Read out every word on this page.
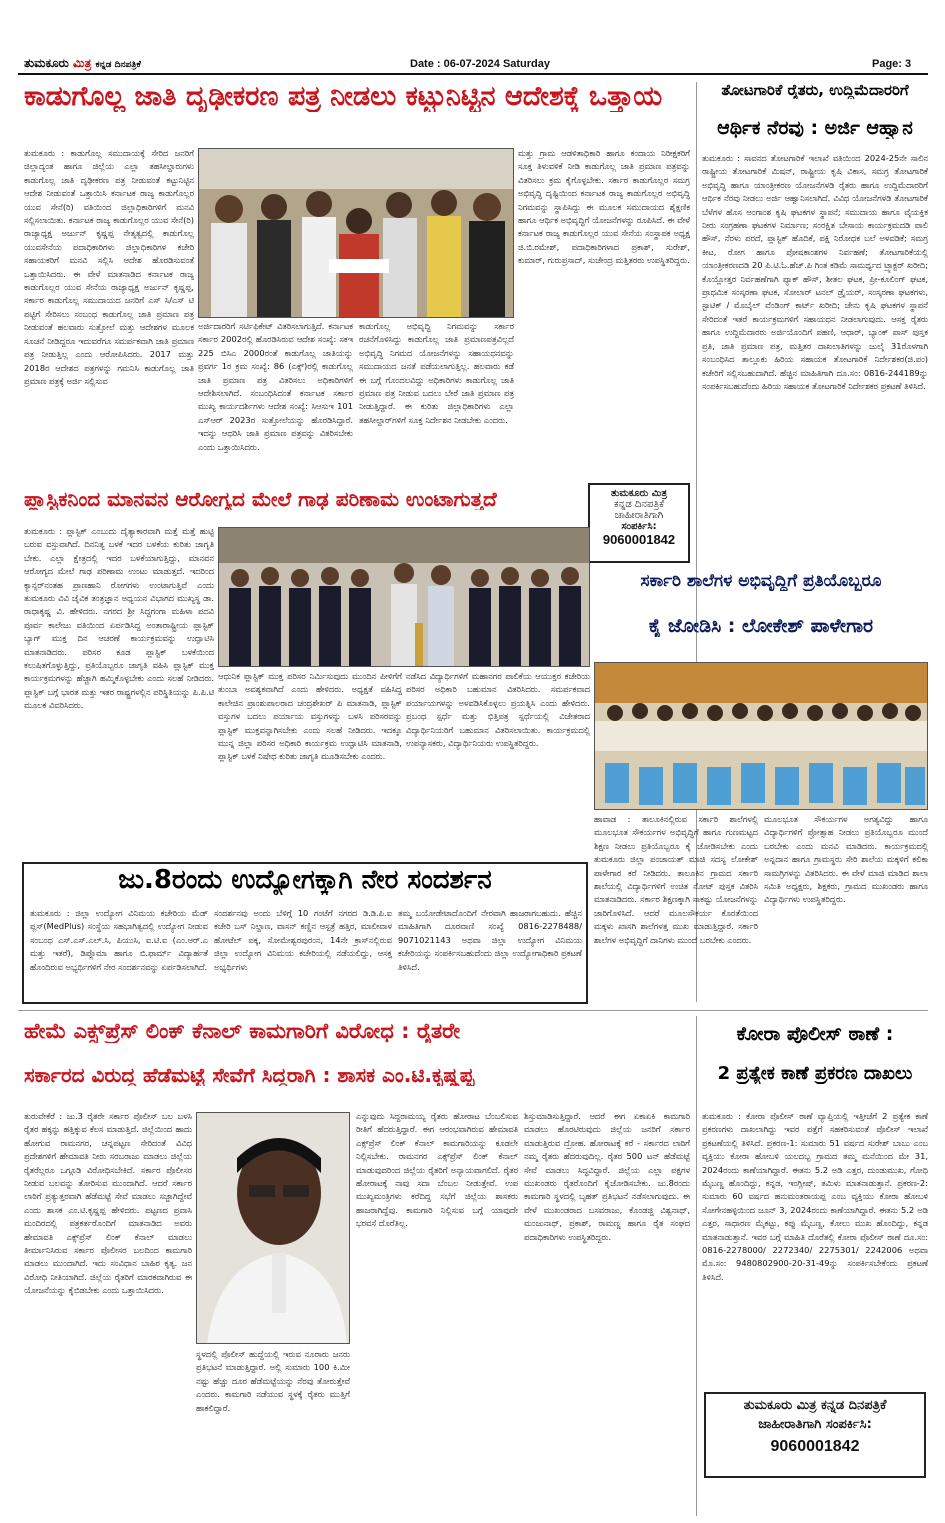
ತುಮಕೂರು ಮಿತ್ರ ಕನ್ನಡ ದಿನಪತ್ರಿಕೆ	Date : 06-07-2024 Saturday	Page: 3
ಕಾಡುಗೊಲ್ಲ ಜಾತಿ ದೃಢೀಕರಣ ಪತ್ರ ನೀಡಲು ಕಟ್ಟುನಿಟ್ಟಿನ ಆದೇಶಕ್ಕೆ ಒತ್ತಾಯ
ತುಮಕೂರು : ಕಾಡುಗೊಲ್ಲ ಸಮುದಾಯಕ್ಕೆ ಸೇರಿದ ಜನರಿಗೆ ಜಿಲ್ಲಾದ್ಯಂತ ಹಾಗೂ ಜಿಲ್ಲೆಯ ಎಲ್ಲಾ ತಹಸೀಲ್ದಾರುಗಳು ಕಾಡುಗೊಲ್ಲ ಜಾತಿ ದೃಢೀಕರಣ ಪತ್ರ ನೀಡುವಂತೆ ಕಟ್ಟುನಿಟ್ಟಿನ ಆದೇಶ ನೀಡುವಂತೆ ಒತ್ತಾಯಿಸಿ ಕರ್ನಾಟಕ ರಾಜ್ಯ ಕಾಡುಗೊಲ್ಲರ ಯುವ ಸೇನೆ(ರಿ) ವತಿಯಿಂದ ಜಿಲ್ಲಾಧಿಕಾರಿಗಳಿಗೆ ಮನವಿ ಸಲ್ಲಿಸಲಾಯಿತು. ಕರ್ನಾಟಕ ರಾಜ್ಯ ಕಾಡುಗೊಲ್ಲರ ಯುವ ಸೇನೆ(ರಿ) ರಾಜ್ಯಾಧ್ಯಕ್ಷ ಅರ್ಜುನ್ ಕೃಷ್ಣಪ್ಪ ನೇತೃತ್ವದಲ್ಲಿ ಕಾಡುಗೊಲ್ಲ ಯುವಸೇನೆಯ ಪದಾಧಿಕಾರಿಗಳು ಜಿಲ್ಲಾಧಿಕಾರಿಗಳ ಕಚೇರಿ ಸಹಾಯಕರಿಗೆ ಮನವಿ ಸಲ್ಲಿಸಿ ಆದೇಶ ಹೊರಡಿಸುವಂತೆ ಒತ್ತಾಯಿಸಿದರು. ಈ ವೇಳೆ ಮಾತನಾಡಿದ ಕರ್ನಾಟಕ ರಾಜ್ಯ ಕಾಡುಗೊಲ್ಲರ ಯುವ ಸೇನೆಯ ರಾಜ್ಯಾಧ್ಯಕ್ಷ ಅರ್ಜುನ್ ಕೃಷ್ಣಪ್ಪ, ಸರ್ಕಾರ ಕಾಡುಗೊಲ್ಲ ಸಮುದಾಯದ ಜನರಿಗೆ ಎಸ್ ಸಿ/ಎಸ್ ಟಿ ಪಟ್ಟಿಗೆ ಸೇರಿಸಲು ಸಂಬಂಧ ಕಾಡುಗೊಲ್ಲ ಜಾತಿ ಪ್ರಮಾಣ ಪತ್ರ ನೀಡುವಂತೆ ಹಲವಾರು ಸುತ್ತೋಲೆ ಮತ್ತು ಆದೇಶಗಳ ಮೂಲಕ ಸೂಚನೆ ನೀಡಿದ್ದರೂ ಇದುವರೆಗೂ ಸಮರ್ಪಕವಾಗಿ ಜಾತಿ ಪ್ರಮಾಣ ಪತ್ರ ನೀಡುತ್ತಿಲ್ಲ ಎಂದು ಆರೋಪಿಸಿದರು. 2017 ಮತ್ತು 2018ರ ಆದೇಶದ ಪತ್ರಗಳನ್ನು ಗಮನಿಸಿ ಕಾಡುಗೊಲ್ಲ ಜಾತಿ ಪ್ರಮಾಣ ಪತ್ರಕ್ಕೆ ಅರ್ಜಿ ಸಲ್ಲಿಸುವ
ಅರ್ಜಿದಾರರಿಗೆ ಸರ್ಟಿಫಿಕೇಟ್ ವಿತರಿಸಲಾಗುತ್ತಿದೆ. ಕರ್ನಾಟಕ ಸರ್ಕಾರ 2002ರಲ್ಲಿ ಹೊರಡಿಸಿರುವ ಆದೇಶ ಸಂಖ್ಯೆ: ಸಕಇ 225 ಬಿಸಿಎ 2000ರಂತೆ ಕಾಡುಗೊಲ್ಲ ಜಾತಿಯನ್ನು ಪ್ರವರ್ಗ 1ರ ಕ್ರಮ ಸಂಖ್ಯೆ: 86 (ಎಕ್ಸ್)ರಲ್ಲಿ ಕಾಡುಗೊಲ್ಲ ಜಾತಿ ಪ್ರಮಾಣ ಪತ್ರ ವಿತರಿಸಲು ಅಧಿಕಾರಿಗಳಿಗೆ ಆದೇಶಿಸಲಾಗಿದೆ. ಸಂಬಂಧಿಸಿದಂತೆ ಕರ್ನಾಟಕ ಸರ್ಕಾರ ಮುಖ್ಯ ಕಾರ್ಯದರ್ಶಿಗಳು ಆದೇಶ ಸಂಖ್ಯೆ: ಸಿಆಸುಇ 101 ಎಸ್ಆರ್ 2023ರ ಸುತ್ತೋಲೆಯನ್ನು ಹೊರಡಿಸಿದ್ದಾರೆ. ಇದನ್ನು ಆಧರಿಸಿ ಜಾತಿ ಪ್ರಮಾಣ ಪತ್ರವನ್ನು ವಿತರಿಸಬೇಕು ಎಂದು ಒತ್ತಾಯಿಸಿದರು.
ಕಾಡುಗೊಲ್ಲ ಅಭಿವೃದ್ಧಿ ನಿಗಮವನ್ನು ಸರ್ಕಾರ ರಚನೆಗೊಳಿಸಿದ್ದು ಕಾಡುಗೊಲ್ಲ ಜಾತಿ ಪ್ರಮಾಣಪತ್ರವಿಲ್ಲದೆ ಅಭಿವೃದ್ಧಿ ನಿಗಮದ ಯೋಜನೆಗಳನ್ನು ಸಹಾಯಧನವನ್ನು ಸಮುದಾಯದ ಜನತೆ ಪಡೆಯಲಾಗುತ್ತಿಲ್ಲ. ಹಲವಾರು ಕಡೆ ಈ ಬಗ್ಗೆ ಗೊಂದಲವಿದ್ದು ಅಧಿಕಾರಿಗಳು ಕಾಡುಗೊಲ್ಲ ಜಾತಿ ಪ್ರಮಾಣ ಪತ್ರ ನೀಡುವ ಬದಲು ಬೇರೆ ಜಾತಿ ಪ್ರಮಾಣ ಪತ್ರ ನೀಡುತ್ತಿದ್ದಾರೆ. ಈ ಕುರಿತು ಜಿಲ್ಲಾಧಿಕಾರಿಗಳು ಎಲ್ಲಾ ತಹಸೀಲ್ದಾರ್‌ಗಳಿಗೆ ಸೂಕ್ತ ನಿರ್ದೇಶನ ನೀಡಬೇಕು ಎಂದರು.
ಮತ್ತು ಗ್ರಾಮ ಆಡಳಿತಾಧಿಕಾರಿ ಹಾಗೂ ಕಂದಾಯ ನಿರೀಕ್ಷಕರಿಗೆ ಸೂಕ್ತ ತಿಳುವಳಿಕೆ ನೀಡಿ ಕಾಡುಗೊಲ್ಲ ಜಾತಿ ಪ್ರಮಾಣ ಪತ್ರವನ್ನು ವಿತರಿಸಲು ಕ್ರಮ ಕೈಗೊಳ್ಳಬೇಕು. ಸರ್ಕಾರ ಕಾಡುಗೊಲ್ಲರ ಸಮಗ್ರ ಅಭಿವೃದ್ಧಿ ದೃಷ್ಟಿಯಿಂದ ಕರ್ನಾಟಕ ರಾಜ್ಯ ಕಾಡುಗೊಲ್ಲರ ಅಭಿವೃದ್ಧಿ ನಿಗಮವನ್ನು ಸ್ಥಾಪಿಸಿದ್ದು ಈ ಮೂಲಕ ಸಮುದಾಯದ ಶೈಕ್ಷಣಿಕ ಹಾಗೂ ಆರ್ಥಿಕ ಅಭಿವೃದ್ಧಿಗೆ ಯೋಜನೆಗಳನ್ನು ರೂಪಿಸಿದೆ. ಈ ವೇಳೆ ಕರ್ನಾಟಕ ರಾಜ್ಯ ಕಾಡುಗೊಲ್ಲರ ಯುವ ಸೇನೆಯ ಸಂಸ್ಥಾಪಕ ಅಧ್ಯಕ್ಷ ಜಿ.ಬಿ.ರಮೇಶ್, ಪದಾಧಿಕಾರಿಗಳಾದ ಪ್ರಕಾಶ್, ಸುರೇಶ್, ಕುಮಾರ್, ಗುರುಪ್ರಸಾದ್, ಸುಚೇಂದ್ರ ಮತ್ತಿತರರು ಉಪಸ್ಥಿತರಿದ್ದರು.
ತೋಟಗಾರಿಕೆ ರೈತರು, ಉದ್ದಿಮೆದಾರರಿಗೆ
ಆರ್ಥಿಕ ನೆರವು : ಅರ್ಜಿ ಆಹ್ವಾನ
ತುಮಕೂರು : ಸಾವನದ ತೋಟಗಾರಿಕೆ ಇಲಾಖೆ ವತಿಯಿಂದ 2024-25ನೇ ಸಾಲಿನ ರಾಷ್ಟ್ರೀಯ ತೋಟಗಾರಿಕೆ ಮಿಷನ್, ರಾಷ್ಟ್ರೀಯ ಕೃಷಿ ವಿಕಾಸ, ಸಮಗ್ರ ತೋಟಗಾರಿಕೆ ಅಭಿವೃದ್ಧಿ ಹಾಗೂ ಯಾಂತ್ರೀಕರಣ ಯೋಜನೆಗಳಡಿ ರೈತರು ಹಾಗೂ ಉದ್ದಿಮೆದಾರರಿಗೆ ಆರ್ಥಿಕ ನೆರವು ನೀಡಲು ಅರ್ಜಿ ಆಹ್ವಾನಿಸಲಾಗಿದೆ. ವಿವಿಧ ಯೋಜನೆಗಳಡಿ ತೋಟಗಾರಿಕೆ ಬೆಳೆಗಳ ಹೊಸ ಅಂಗಾಂಶ ಕೃಷಿ ಘಟಕಗಳ ಸ್ಥಾಪನೆ; ಸಮುದಾಯ ಹಾಗೂ ವೈಯಕ್ತಿಕ ನೀರು ಸಂಗ್ರಹಣಾ ಘಟಕಗಳ ನಿರ್ಮಾಣ; ಸಂರಕ್ಷಿತ ಬೇಸಾಯ ಕಾರ್ಯಕ್ರಮದಡಿ ಪಾಲಿ ಹೌಸ್, ನೆರಳು ಪರದೆ, ಪ್ಲಾಸ್ಟಿಕ್ ಹೊದಿಕೆ, ಪಕ್ಷಿ ನಿರೋಧಕ ಬಲೆ ಅಳವಡಿಕೆ; ಸಮಗ್ರ ಕೀಟ, ರೋಗ ಹಾಗೂ ಪೋಷಕಾಂಶಗಳ ನಿರ್ವಹಣೆ; ತೋಟಗಾರಿಕೆಯಲ್ಲಿ ಯಾಂತ್ರೀಕರಣದಡಿ 20 ಪಿ.ಟಿ.ಓ.ಹೆಚ್.ಪಿ ಗಿಂತ ಕಡಿಮೆ ಸಾಮರ್ಥ್ಯದ ಟ್ರ್ಯಾಕ್ಟರ್ ಖರೀದಿ; ಕೊಯ್ಲೋತ್ತರ ನಿರ್ವಹಣೆಗಾಗಿ ಪ್ಯಾಕ್ ಹೌಸ್, ಶೀತಲ ಘಟಕ, ಪ್ರೀ-ಕೂಲಿಂಗ್ ಘಟಕ, ಪ್ರಾಥಮಿಕ ಸಂಸ್ಕರಣಾ ಘಟಕ, ಸೋಲಾರ್ ಟನಲ್ ಡ್ರೈಯರ್, ಸಂಸ್ಕರಣಾ ಘಟಕಗಳು, ಸ್ಟಾಟಿಕ್ / ಮೊಬೈಲ್ ವೆಂಡಿಂಗ್ ಕಾರ್ಟ್ ಖರೀದಿ; ಜೇನು ಕೃಷಿ ಘಟಕಗಳ ಸ್ಥಾಪನೆ ಸೇರಿದಂತೆ ಇತರೆ ಕಾರ್ಯಕ್ರಮಗಳಿಗೆ ಸಹಾಯಧನ ನೀಡಲಾಗುವುದು. ಆಸಕ್ತ ರೈತರು ಹಾಗೂ ಉದ್ದಿಮೆದಾರರು ಅರ್ಜಿಯೊಂದಿಗೆ ಪಹಣಿ, ಆಧಾರ್, ಬ್ಯಾಂಕ್ ಪಾಸ್ ಪುಸ್ತಕ ಪ್ರತಿ, ಜಾತಿ ಪ್ರಮಾಣ ಪತ್ರ, ಮತ್ತಿತರ ದಾಖಲಾತಿಗಳನ್ನು ಜುಲೈ 31ರೊಳಗಾಗಿ ಸಂಬಂಧಿಸಿದ ತಾಲ್ಲೂಕು ಹಿರಿಯ ಸಹಾಯಕ ತೋಟಗಾರಿಕೆ ನಿರ್ದೇಶಕರ(ಜಿ.ಪಂ) ಕಚೇರಿಗೆ ಸಲ್ಲಿಸಬಹುದಾಗಿದೆ. ಹೆಚ್ಚಿನ ಮಾಹಿತಿಗಾಗಿ ದೂ.ಸಂ: 0816-244189ನ್ನು ಸಂಪರ್ಕಿಸಬಹುದೆಂದು ಹಿರಿಯ ಸಹಾಯಕ ತೋಟಗಾರಿಕೆ ನಿರ್ದೇಶಕರ ಪ್ರಕಟಣೆ ತಿಳಿಸಿದೆ.
ತುಮಕೂರು ಮಿತ್ರ
ಕನ್ನಡ ದಿನಪತ್ರಿಕೆ
ಜಾಹೀರಾತಿಗಾಗಿ
ಸಂಪರ್ಕಿಸಿ:
9060001842
ಪ್ಲಾಸ್ಟಿಕನಿಂದ ಮಾನವನ ಆರೋಗ್ಯದ ಮೇಲೆ ಗಾಢ ಪರಿಣಾಮ ಉಂಟಾಗುತ್ತದೆ
ತುಮಕೂರು : ಪ್ಲಾಸ್ಟಿಕ್ ಎಂಬುದು ದೈತ್ಯಾಕಾರವಾಗಿ ಮತ್ತೆ ಮತ್ತೆ ಹುಟ್ಟಿ ಬರುವ ವಸ್ತುವಾಗಿದೆ. ದಿನನಿತ್ಯ ಬಳಕೆ ಇದರ ಬಳಕೆಯ ಕುರಿತು ಜಾಗೃತಿ ಬೇಕು. ಎಲ್ಲಾ ಕ್ಷೇತ್ರದಲ್ಲಿ ಇದರ ಬಳಕೆಯಾಗುತ್ತಿದ್ದು, ಮಾನವನ ಆರೋಗ್ಯದ ಮೇಲೆ ಗಾಢ ಪರಿಣಾಮ ಉಂಟು ಮಾಡುತ್ತದೆ. ಇದರಿಂದ ಕ್ಯಾನ್ಸರ್‌ನಂತಹ ಪ್ರಾಣಹಾನಿ ರೋಗಗಳು ಉಂಟಾಗುತ್ತಿವೆ ಎಂದು ತುಮಕೂರು ವಿವಿ ಜೈವಿಕ ತಂತ್ರಜ್ಞಾನ ಅಧ್ಯಯನ ವಿಭಾಗದ ಮುಖ್ಯಸ್ಥ ಡಾ. ರಾಧಾಕೃಷ್ಣ ವಿ. ಹೇಳಿದರು. ನಗರದ ಶ್ರೀ ಸಿದ್ಧಗಂಗಾ ಮಹಿಳಾ ಪದವಿ ಪೂರ್ವ ಕಾಲೇಜು ವತಿಯಿಂದ ಏರ್ಪಡಿಸಿದ್ದ ಅಂತಾರಾಷ್ಟ್ರೀಯ ಪ್ಲಾಸ್ಟಿಕ್ ಬ್ಯಾಗ್ ಮುಕ್ತ ದಿನ ಆಚರಣೆ ಕಾರ್ಯಕ್ರಮವನ್ನು ಉದ್ಘಾಟಿಸಿ ಮಾತನಾಡಿದರು. ಪರಿಸರ ಕೂಡ ಪ್ಲಾಸ್ಟಿಕ್ ಬಳಕೆಯಿಂದ ಕಲುಷಿತಗೊಳ್ಳುತ್ತಿದ್ದು, ಪ್ರತಿಯೊಬ್ಬರೂ ಜಾಗೃತಿ ವಹಿಸಿ ಪ್ಲಾಸ್ಟಿಕ್ ಮುಕ್ತ ಕಾರ್ಯಕ್ರಮಗಳನ್ನು ಹೆಚ್ಚಾಗಿ ಹಮ್ಮಿಕೊಳ್ಳಬೇಕು ಎಂದು ಸಲಹೆ ನೀಡಿದರು. ಪ್ಲಾಸ್ಟಿಕ್ ಬಗ್ಗೆ ಭಾರತ ಮತ್ತು ಇತರ ರಾಷ್ಟ್ರಗಳಲ್ಲಿನ ಪರಿಸ್ಥಿತಿಯನ್ನು ಪಿ.ಪಿ.ಟಿ ಮೂಲಕ ವಿವರಿಸಿದರು.
ಆಧುನಿಕ ಪ್ಲಾಸ್ಟಿಕ್ ಮುಕ್ತ ಪರಿಸರ ನಿರ್ಮಿಸುವುದು ಮುಂದಿನ ಪೀಳಿಗೆಗೆ ತುಂಬಾ ಅವಶ್ಯಕವಾಗಿದೆ ಎಂದು ಹೇಳಿದರು. ಅಧ್ಯಕ್ಷತೆ ವಹಿಸಿದ್ದ ಕಾಲೇಜಿನ ಪ್ರಾಂಶುಪಾಲರಾದ ಚಂದ್ರಶೇಖರ್ ಪಿ ಮಾತನಾಡಿ, ಪ್ಲಾಸ್ಟಿಕ್ ವಸ್ತುಗಳ ಬದಲು ಪರ್ಯಾಯ ವಸ್ತುಗಳನ್ನು ಬಳಸಿ ಪರಿಸರವನ್ನು ಪ್ಲಾಸ್ಟಿಕ್ ಮುಕ್ತವನ್ನಾಗಿಸಬೇಕು ಎಂದು ಸಲಹೆ ನೀಡಿದರು. ಇದಕ್ಕೂ ಮುನ್ನ ಜಿಲ್ಲಾ ಪರಿಸರ ಅಧಿಕಾರಿ ಕಾರ್ಯಕ್ರಮ ಉದ್ಘಾಟಿಸಿ ಮಾತನಾಡಿ, ಪ್ಲಾಸ್ಟಿಕ್ ಬಳಕೆ ನಿಷೇಧ ಕುರಿತು ಜಾಗೃತಿ ಮೂಡಿಸಬೇಕು ಎಂದರು.
ನಡೆಸಿದ ವಿದ್ಯಾರ್ಥಿಗಳಿಗೆ ಮಹಾನಗರ ಪಾಲಿಕೆಯ ಆಯುಕ್ತರ ಕಚೇರಿಯ ಪರಿಸರ ಅಧಿಕಾರಿ ಬಹುಮಾನ ವಿತರಿಸಿದರು. ಸಮರ್ಪಕವಾದ ಪರ್ಯಾಯಗಳನ್ನು ಅಳವಡಿಸಿಕೊಳ್ಳಲು ಪ್ರಯತ್ನಿಸಿ ಎಂದು ಹೇಳಿದರು. ಪ್ರಬಂಧ ಸ್ಪರ್ಧೆ ಮತ್ತು ಭಿತ್ತಿಪತ್ರ ಸ್ಪರ್ಧೆಯಲ್ಲಿ ವಿಜೇತರಾದ ವಿದ್ಯಾರ್ಥಿನಿಯರಿಗೆ ಬಹುಮಾನ ವಿತರಿಸಲಾಯಿತು. ಕಾರ್ಯಕ್ರಮದಲ್ಲಿ ಉಪನ್ಯಾಸಕರು, ವಿದ್ಯಾರ್ಥಿನಿಯರು ಉಪಸ್ಥಿತರಿದ್ದರು.
ಸರ್ಕಾರಿ ಶಾಲೆಗಳ ಅಭಿವೃದ್ಧಿಗೆ ಪ್ರತಿಯೊಬ್ಬರೂ
ಕೈ ಜೋಡಿಸಿ : ಲೋಕೇಶ್ ಪಾಳೇಗಾರ
ಹಾವಾಡ : ತಾಲೂಕಿನಲ್ಲಿರುವ ಸರ್ಕಾರಿ ಶಾಲೆಗಳಲ್ಲಿ ಮೂಲಭೂತ ಸೌಕರ್ಯಗಳ ಅಭಿವೃದ್ಧಿಗೆ ಹಾಗೂ ಗುಣಮಟ್ಟದ ಶಿಕ್ಷಣ ನೀಡಲು ಪ್ರತಿಯೊಬ್ಬರೂ ಕೈ ಜೋಡಿಸಬೇಕು ಎಂದು ತುಮಕೂರು ಜಿಲ್ಲಾ ಪಂಚಾಯತ್ ಮಾಜಿ ಸದಸ್ಯ ಲೋಕೇಶ್ ಪಾಳೇಗಾರ ಕರೆ ನೀಡಿದರು. ತಾಲೂಕಿನ ಗ್ರಾಮದ ಸರ್ಕಾರಿ ಶಾಲೆಯಲ್ಲಿ ವಿದ್ಯಾರ್ಥಿಗಳಿಗೆ ಉಚಿತ ನೋಟ್ ಪುಸ್ತಕ ವಿತರಿಸಿ ಮಾತನಾಡಿದರು. ಸರ್ಕಾರ ಶಿಕ್ಷಣಕ್ಕಾಗಿ ಸಾಕಷ್ಟು ಯೋಜನೆಗಳನ್ನು ಜಾರಿಗೊಳಿಸಿದೆ. ಆದರೆ ಮೂಲಸೌಕರ್ಯ ಕೊರತೆಯಿಂದ ಮಕ್ಕಳು ಖಾಸಗಿ ಶಾಲೆಗಳತ್ತ ಮುಖ ಮಾಡುತ್ತಿದ್ದಾರೆ. ಸರ್ಕಾರಿ ಶಾಲೆಗಳ ಅಭಿವೃದ್ಧಿಗೆ ದಾನಿಗಳು ಮುಂದೆ ಬರಬೇಕು ಎಂದರು.
ಮೂಲಭೂತ ಸೌಕರ್ಯಗಳ ಅಗತ್ಯವಿದ್ದು ಹಾಗೂ ವಿದ್ಯಾರ್ಥಿಗಳಿಗೆ ಪ್ರೋತ್ಸಾಹ ನೀಡಲು ಪ್ರತಿಯೊಬ್ಬರೂ ಮುಂದೆ ಬರಬೇಕು ಎಂದು ಮನವಿ ಮಾಡಿದರು. ಕಾರ್ಯಕ್ರಮದಲ್ಲಿ ಅನ್ನದಾನ ಹಾಗೂ ಗ್ರಾಮಸ್ಥರು ಸೇರಿ ಶಾಲೆಯ ಮಕ್ಕಳಿಗೆ ಕಲಿಕಾ ಸಾಮಗ್ರಿಗಳನ್ನು ವಿತರಿಸಿದರು. ಈ ವೇಳೆ ಮಾಜಿ ಮಾಡಿದ ಶಾಲಾ ಸಮಿತಿ ಅಧ್ಯಕ್ಷರು, ಶಿಕ್ಷಕರು, ಗ್ರಾಮದ ಮುಖಂಡರು ಹಾಗೂ ವಿದ್ಯಾರ್ಥಿಗಳು ಉಪಸ್ಥಿತರಿದ್ದರು.
ಜು.8ರಂದು ಉದ್ಯೋಗಕ್ಕಾಗಿ ನೇರ ಸಂದರ್ಶನ
ತುಮಕೂರು : ಜಿಲ್ಲಾ ಉದ್ಯೋಗ ವಿನಿಮಯ ಕಚೇರಿಯ ಮೆಡ್ ಪ್ಲಸ್(MedPlus) ಸಂಸ್ಥೆಯ ಸಹಭಾಗಿತ್ವದಲ್ಲಿ ಉದ್ಯೋಗ ನೀಡುವ ಸಂಬಂಧ ಎಸ್.ಎಸ್.ಎಲ್.ಸಿ, ಪಿಯುಸಿ, ಐ.ಟಿ.ಐ (ಎಂ.ಆರ್.ಎ ಮತ್ತು ಇತರೆ), ಡಿಪ್ಲೊಮಾ ಹಾಗೂ ಬಿ.ಫಾರ್ಮ್ ವಿದ್ಯಾರ್ಹತೆ ಹೊಂದಿರುವ ಅಭ್ಯರ್ಥಿಗಳಿಗೆ ನೇರ ಸಂದರ್ಶನವನ್ನು ಏರ್ಪಡಿಸಲಾಗಿದೆ.
ಸಂದರ್ಶನವು ಅಂದು ಬೆಳಿಗ್ಗೆ 10 ಗಂಟೆಗೆ ನಗರದ ಡಿ.ಡಿ.ಪಿ.ಐ ಕಚೇರಿ ಬಸ್ ನಿಲ್ದಾಣ, ವಾಸನ್ ಕಣ್ಣಿನ ಆಸ್ಪತ್ರೆ ಹತ್ತಿರ, ಮಾಲೀವಾಳ ಹೋಟೆಲ್ ಪಕ್ಕ, ಸೋಮೇಶ್ವರಪುರಂನ, 14ನೇ ಕ್ರಾಸ್‌ನಲ್ಲಿರುವ ಜಿಲ್ಲಾ ಉದ್ಯೋಗ ವಿನಿಮಯ ಕಚೇರಿಯಲ್ಲಿ ನಡೆಯಲಿದ್ದು, ಆಸಕ್ತ ಅಭ್ಯರ್ಥಿಗಳು
ತಮ್ಮ ಬಯೋಡೇಟಾದೊಂದಿಗೆ ನೇರವಾಗಿ ಹಾಜರಾಗಬಹುದು. ಹೆಚ್ಚಿನ ಮಾಹಿತಿಗಾಗಿ ದೂರವಾಣಿ ಸಂಖ್ಯೆ 0816-2278488/ 9071021143 ಅಥವಾ ಜಿಲ್ಲಾ ಉದ್ಯೋಗ ವಿನಿಮಯ ಕಚೇರಿಯನ್ನು ಸಂಪರ್ಕಿಸಬಹುದೆಂದು ಜಿಲ್ಲಾ ಉದ್ಯೋಗಾಧಿಕಾರಿ ಪ್ರಕಟಣೆ ತಿಳಿಸಿದೆ.
ಹೇಮೆ ಎಕ್ಸ್‌ಪ್ರೆಸ್ ಲಿಂಕ್ ಕೆನಾಲ್ ಕಾಮಗಾರಿಗೆ ವಿರೋಧ : ರೈತರೇ
ಸರ್ಕಾರದ ವಿರುದ್ಧ ಹೆಡೆಮಟ್ಟೆ ಸೇವೆಗೆ ಸಿದ್ಧರಾಗಿ : ಶಾಸಕ ಎಂ.ಟಿ.ಕೃಷ್ಣಪ್ಪ
ತುರುವೇಕೆರೆ : ಜು.3 ರೈತರೇ ಸರ್ಕಾರ ಪೊಲೀಸ್ ಬಲ ಬಳಸಿ ರೈತರ ಹಕ್ಕನ್ನು ಹತ್ತಿಕ್ಕುವ ಕೆಲಸ ಮಾಡುತ್ತಿದೆ. ಜಿಲ್ಲೆಯಿಂದ ಹಾದು ಹೋಗುವ ರಾಮನಗರ, ಚನ್ನಪಟ್ಟಣ ಸೇರಿದಂತೆ ವಿವಿಧ ಪ್ರದೇಶಗಳಿಗೆ ಹೇಮಾವತಿ ನೀರು ಸರಬರಾಜು ಮಾಡಲು ಜಿಲ್ಲೆಯ ರೈತರೆಲ್ಲರೂ ಒಗ್ಗೂಡಿ ವಿರೋಧಿಸಬೇಕಿದೆ. ಸರ್ಕಾರ ಪೊಲೀಸರ ನೀಡುವ ಬಲವನ್ನು ತೋರಿಸುವ ಮುಂದಾಗಿದೆ. ಆದರೆ ಸರ್ಕಾರ ಲಾಠಿಗೆ ಪ್ರತ್ಯುತ್ತರವಾಗಿ ಹೆಡೆಮಟ್ಟೆ ಸೇವೆ ಮಾಡಲು ಸಜ್ಜಾಗಿದ್ದೇವೆ ಎಂದು ಶಾಸಕ ಎಂ.ಟಿ.ಕೃಷ್ಣಪ್ಪ ಹೇಳಿದರು. ಪಟ್ಟಣದ ಪ್ರವಾಸಿ ಮಂದಿರದಲ್ಲಿ ಪತ್ರಕರ್ತರೊಂದಿಗೆ ಮಾತನಾಡಿದ ಅವರು ಹೇಮಾವತಿ ಎಕ್ಸ್‌ಪ್ರೆಸ್ ಲಿಂಕ್ ಕೆನಾಲ್ ಮಾಡಲು ತೀರ್ಮಾನಿಸಿರುವ ಸರ್ಕಾರ ಪೊಲೀಸರ ಬಲದಿಂದ ಕಾಮಗಾರಿ ಮಾಡಲು ಮುಂದಾಗಿದೆ. ಇದು ಸಂವಿಧಾನ ಬಾಹಿರ ಕೃತ್ಯ. ಜನ ವಿರೋಧಿ ನೀತಿಯಾಗಿದೆ. ಜಿಲ್ಲೆಯ ರೈತರಿಗೆ ಮಾರಕವಾಗಿರುವ ಈ ಯೋಜನೆಯನ್ನು ಕೈಬಿಡಬೇಕು ಎಂದು ಒತ್ತಾಯಿಸಿದರು.
ಸ್ಥಳದಲ್ಲಿ ಪೊಲೀಸ್ ಹುದ್ದೆಯಲ್ಲಿ ಇರುವ ನೂರಾರು ಜನರು ಪ್ರತಿಭಟನೆ ಮಾಡುತ್ತಿದ್ದಾರೆ. ಅಲ್ಲಿ ಸುಮಾರು 100 ಕಿ.ಮೀ ನಷ್ಟು ಹೆಚ್ಚು ದೂರ ಹೆಡೆಮಟ್ಟೆಯನ್ನು ನೆರವು ತೋರುತ್ತೇವೆ ಎಂದರು. ಕಾಮಗಾರಿ ನಡೆಯುವ ಸ್ಥಳಕ್ಕೆ ರೈತರು ಮುತ್ತಿಗೆ ಹಾಕಲಿದ್ದಾರೆ.
ಎನ್ನುವುದು ಸಿದ್ದರಾಮಯ್ಯ ರೈತರು ಹೋರಾಟ ಬೆಂಬಲಿಸುವ ರೀತಿಗೆ ಹೆದರುತ್ತಿದ್ದಾರೆ. ಈಗ ಆರಂಭವಾಗಿರುವ ಹೇಮಾವತಿ ಎಕ್ಸ್‌ಪ್ರೆಸ್ ಲಿಂಕ್ ಕೆನಾಲ್ ಕಾಮಗಾರಿಯನ್ನು ಕೂಡಲೇ ನಿಲ್ಲಿಸಬೇಕು. ರಾಮನಗರ ಎಕ್ಸ್‌ಪ್ರೆಸ್ ಲಿಂಕ್ ಕೆನಾಲ್ ಮಾಡುವುದರಿಂದ ಜಿಲ್ಲೆಯ ರೈತರಿಗೆ ಅನ್ಯಾಯವಾಗಲಿದೆ. ರೈತರ ಹೋರಾಟಕ್ಕೆ ನಾವು ಸದಾ ಬೆಂಬಲ ನೀಡುತ್ತೇವೆ. ಉಪ ಮುಖ್ಯಮಂತ್ರಿಗಳು ಕರೆದಿದ್ದ ಸಭೆಗೆ ಜಿಲ್ಲೆಯ ಶಾಸಕರು ಹಾಜರಾಗಿದ್ದೆವು. ಕಾಮಗಾರಿ ನಿಲ್ಲಿಸುವ ಬಗ್ಗೆ ಯಾವುದೇ ಭರವಸೆ ದೊರೆತಿಲ್ಲ.
ಶಿಸ್ತುಮಾಡಿಸುತ್ತಿದ್ದಾರೆ. ಆದರೆ ಈಗ ಏಕಾಏಕಿ ಕಾಮಗಾರಿ ಮಾಡಲು ಹೊರಟಿರುವುದು ಜಿಲ್ಲೆಯ ಜನರಿಗೆ ಸರ್ಕಾರ ಮಾಡುತ್ತಿರುವ ದ್ರೋಹ. ಹೋರಾಟಕ್ಕೆ ಕರೆ - ಸರ್ಕಾರದ ಲಾಠಿಗೆ ನಮ್ಮ ರೈತರು ಹೆದರುವುದಿಲ್ಲ. ರೈತರ 500 ಟನ್ ಹೆಡೆಮಟ್ಟೆ ಸೇವೆ ಮಾಡಲು ಸಿದ್ಧವಿದ್ದಾರೆ. ಜಿಲ್ಲೆಯ ಎಲ್ಲಾ ಪಕ್ಷಗಳ ಮುಖಂಡರು ರೈತರೊಂದಿಗೆ ಕೈಜೋಡಿಸಬೇಕು. ಜು.8ರಂದು ಕಾಮಗಾರಿ ಸ್ಥಳದಲ್ಲಿ ಬೃಹತ್ ಪ್ರತಿಭಟನೆ ನಡೆಸಲಾಗುವುದು. ಈ ವೇಳೆ ಮುಖಂಡರಾದ ಬಸವರಾಜು, ಕೊಂಡಜ್ಜಿ ವಿಶ್ವನಾಥ್, ಮಂಜುನಾಥ್, ಪ್ರಕಾಶ್, ರಾಮಣ್ಣ ಹಾಗೂ ರೈತ ಸಂಘದ ಪದಾಧಿಕಾರಿಗಳು ಉಪಸ್ಥಿತರಿದ್ದರು.
ಕೋರಾ ಪೊಲೀಸ್ ಠಾಣೆ :
2 ಪ್ರತ್ಯೇಕ ಕಾಣೆ ಪ್ರಕರಣ ದಾಖಲು
ತುಮಕೂರು : ಕೋರಾ ಪೊಲೀಸ್ ಠಾಣೆ ವ್ಯಾಪ್ತಿಯಲ್ಲಿ ಇತ್ತೀಚೆಗೆ 2 ಪ್ರತ್ಯೇಕ ಕಾಣೆ ಪ್ರಕರಣಗಳು ದಾಖಲಾಗಿದ್ದು ಇವರ ಪತ್ತೆಗೆ ಸಹಕರಿಸುವಂತೆ ಪೊಲೀಸ್ ಇಲಾಖೆ ಪ್ರಕಟಣೆಯಲ್ಲಿ ತಿಳಿಸಿದೆ. ಪ್ರಕರಣ-1: ಸುಮಾರು 51 ವರ್ಷದ ಸುರೇಶ್ ಬಾಬು ಎಂಬ ವ್ಯಕ್ತಿಯು ಕೋರಾ ಹೋಬಳಿ ಯಲದಬ್ಬ ಗ್ರಾಮದ ತಮ್ಮ ಮನೆಯಿಂದ ಮೇ 31, 2024ರಂದು ಕಾಣೆಯಾಗಿದ್ದಾರೆ. ಈತನು 5.2 ಅಡಿ ಎತ್ತರ, ದುಂಡುಮುಖ, ಗೋಧಿ ಮೈಬಣ್ಣ ಹೊಂದಿದ್ದು, ಕನ್ನಡ, ಇಂಗ್ಲೀಷ್, ತಮಿಳು ಮಾತನಾಡುತ್ತಾನೆ. ಪ್ರಕರಣ-2: ಸುಮಾರು 60 ವರ್ಷದ ಹನುಮಂತರಾಯಪ್ಪ ಎಂಬ ವ್ಯಕ್ತಿಯು ಕೋರಾ ಹೋಬಳಿ ಸೋಗೇನಹಳ್ಳಿಯಿಂದ ಜೂನ್ 3, 2024ರಂದು ಕಾಣೆಯಾಗಿದ್ದಾರೆ. ಈತನು 5.2 ಅಡಿ ಎತ್ತರ, ಸಾಧಾರಣ ಮೈಕಟ್ಟು, ಕಪ್ಪು ಮೈಬಣ್ಣ, ಕೋಲು ಮುಖ ಹೊಂದಿದ್ದು, ಕನ್ನಡ ಮಾತನಾಡುತ್ತಾನೆ. ಇವರ ಬಗ್ಗೆ ಮಾಹಿತಿ ದೊರೆತಲ್ಲಿ ಕೋರಾ ಪೊಲೀಸ್ ಠಾಣೆ ದೂ.ಸಂ: 0816-2278000/ 2272340/ 2275301/ 2242006 ಅಥವಾ ಮೊ.ಸಂ: 9480802900-20-31-49ನ್ನು ಸಂಪರ್ಕಿಸಬೇಕೆಂದು ಪ್ರಕಟಣೆ ತಿಳಿಸಿದೆ.
ತುಮಕೂರು ಮಿತ್ರ ಕನ್ನಡ ದಿನಪತ್ರಿಕೆ
ಜಾಹೀರಾತಿಗಾಗಿ ಸಂಪರ್ಕಿಸಿ:
9060001842
